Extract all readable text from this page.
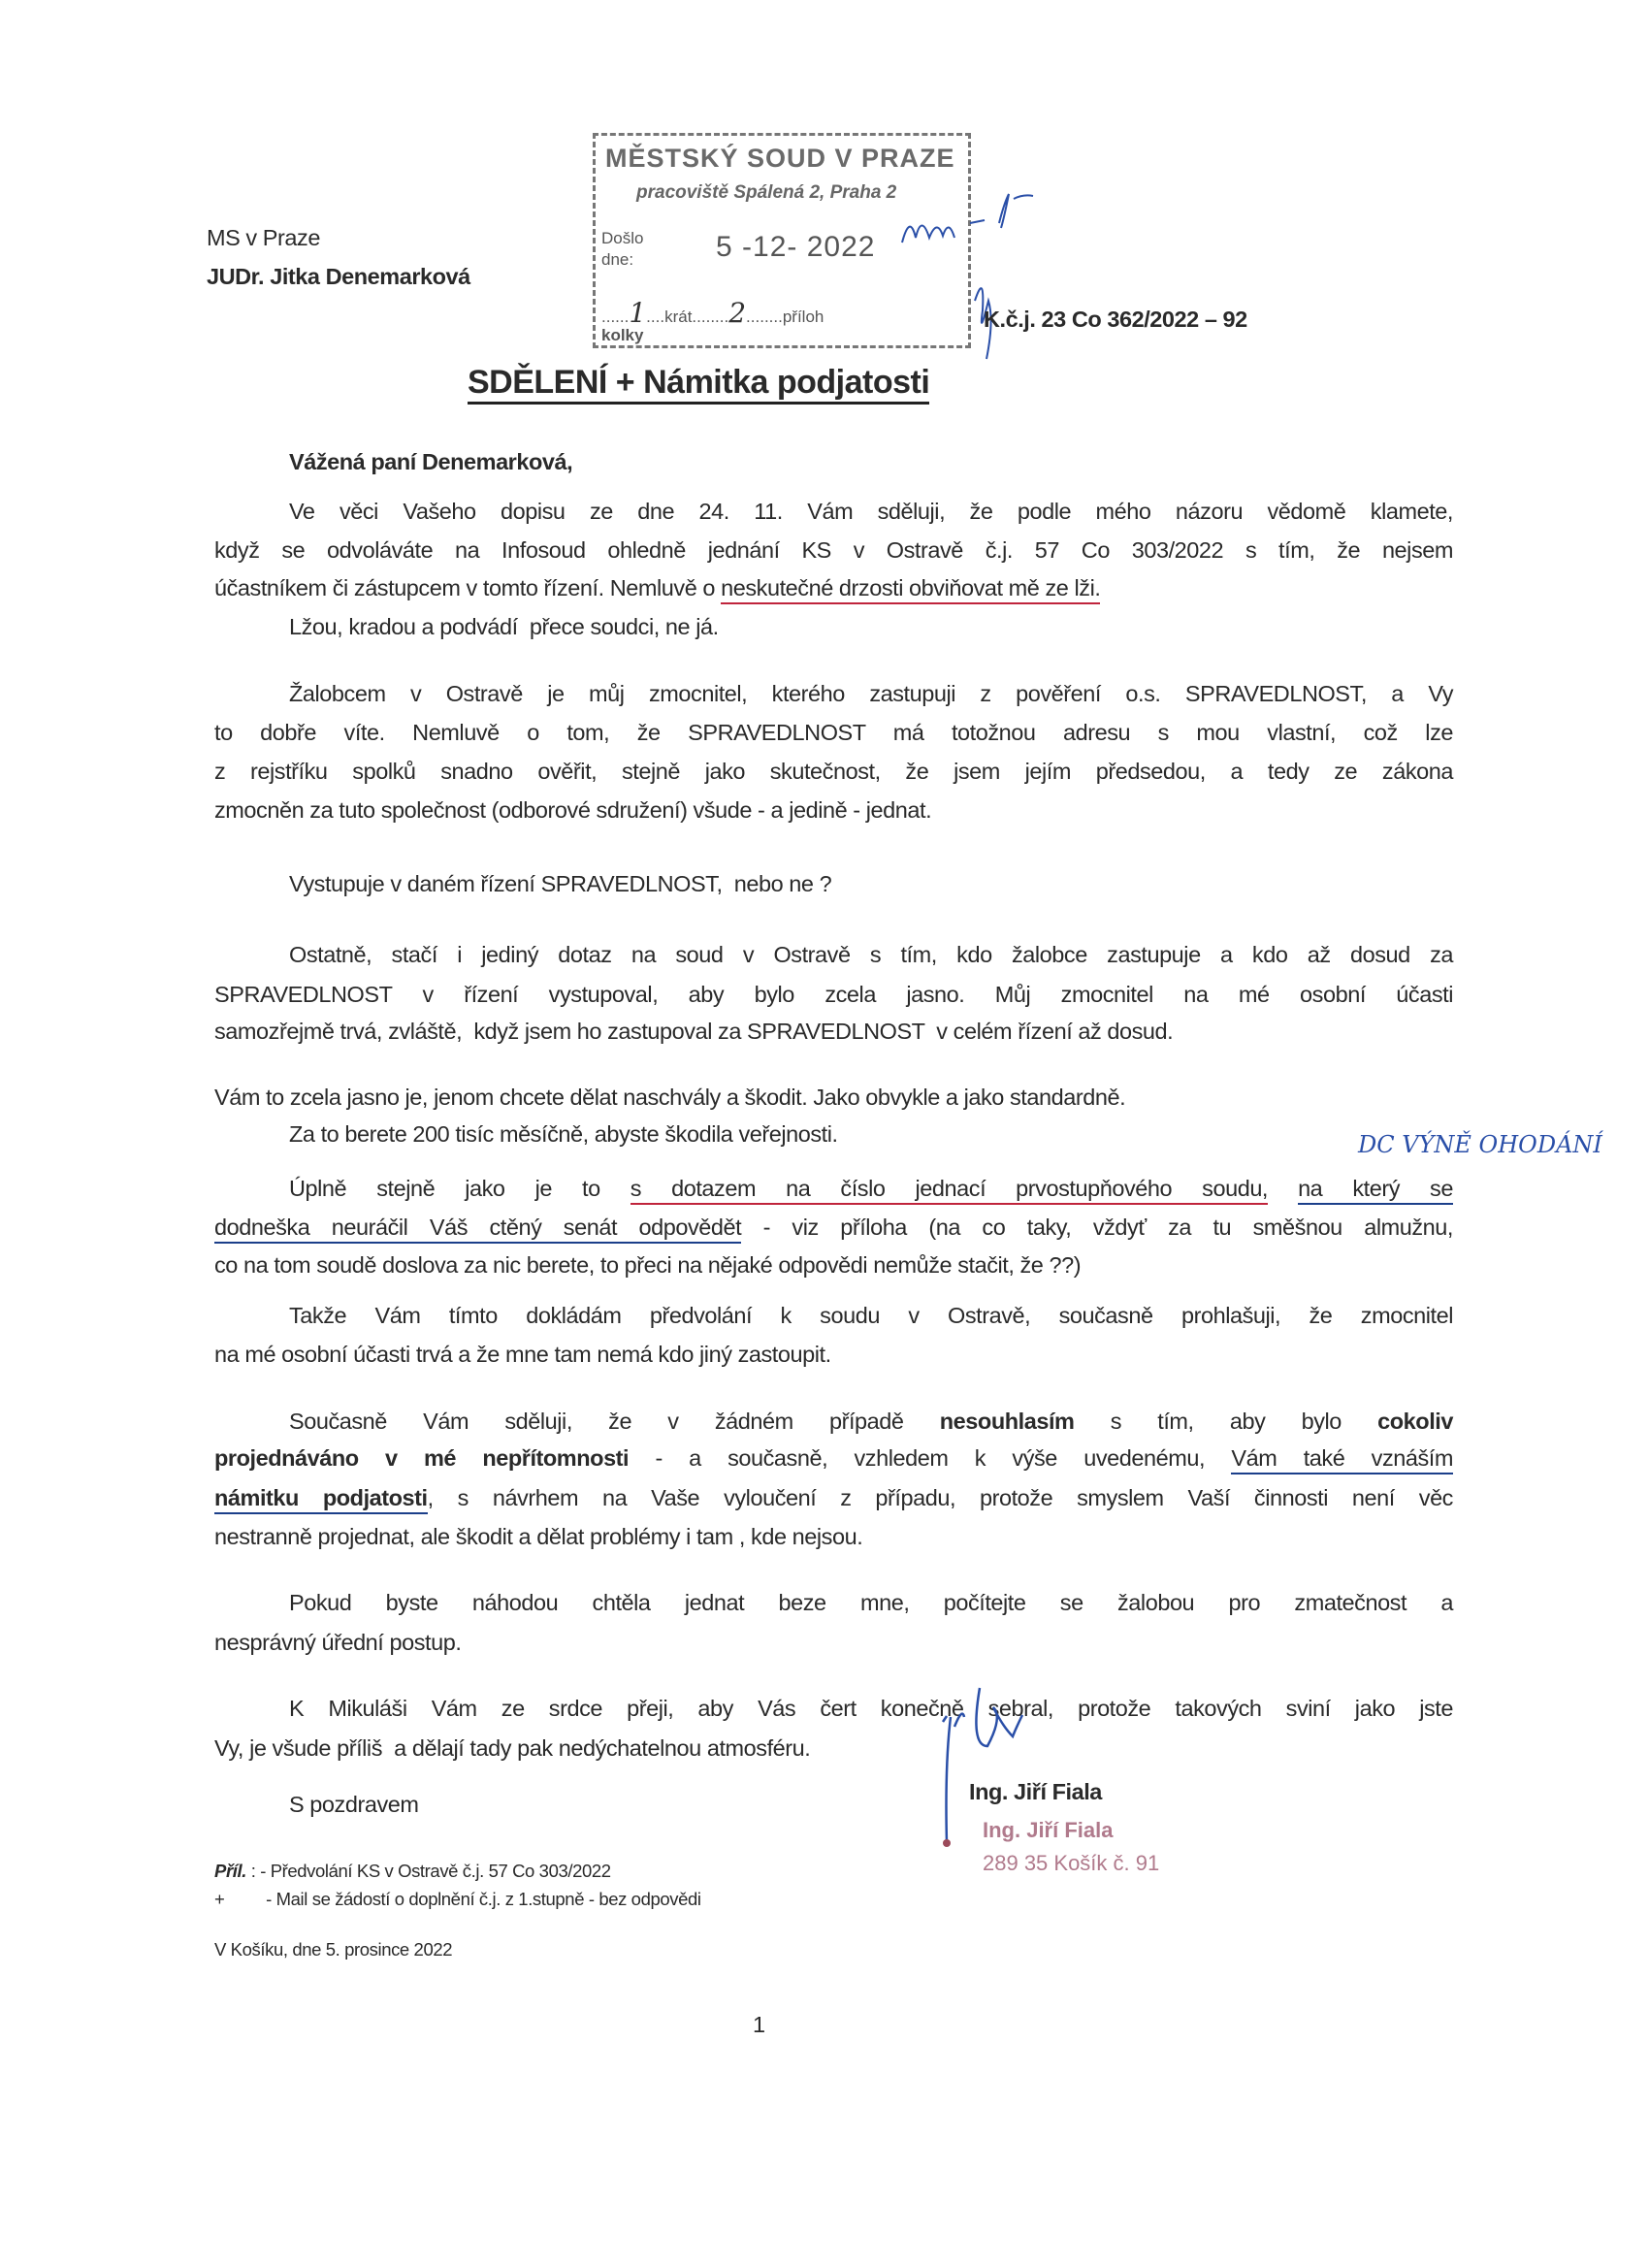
MS v Praze
JUDr. Jitka Denemarková
MĚSTSKÝ SOUD V PRAZE
pracoviště Spálená 2, Praha 2
Došlo
dne:	5 -12- 2022
......1....krát........2........příloh
kolky
K.č.j. 23 Co 362/2022 – 92
SDĚLENÍ + Námitka podjatosti
Vážená paní Denemarková,
Ve věci Vašeho dopisu ze dne 24. 11. Vám sděluji, že podle mého názoru vědomě klamete,
když se odvoláváte na Infosoud ohledně jednání KS v Ostravě č.j. 57 Co 303/2022 s tím, že nejsem
účastníkem či zástupcem v tomto řízení. Nemluvě o neskutečné drzosti obviňovat mě ze lži.
Lžou, kradou a podvádí  přece soudci, ne já.
Žalobcem v Ostravě je můj zmocnitel, kterého zastupuji z pověření o.s. SPRAVEDLNOST, a Vy
to dobře víte. Nemluvě o tom, že SPRAVEDLNOST má totožnou adresu s mou vlastní, což lze
z rejstříku spolků snadno ověřit, stejně jako skutečnost, že jsem jejím předsedou, a tedy ze zákona
zmocněn za tuto společnost (odborové sdružení) všude - a jedině - jednat.
Vystupuje v daném řízení SPRAVEDLNOST,  nebo ne ?
Ostatně, stačí i jediný dotaz na soud v Ostravě s tím, kdo žalobce zastupuje a kdo až dosud za
SPRAVEDLNOST v řízení vystupoval, aby bylo zcela jasno. Můj zmocnitel na mé osobní účasti
samozřejmě trvá, zvláště,  když jsem ho zastupoval za SPRAVEDLNOST  v celém řízení až dosud.
Vám to zcela jasno je, jenom chcete dělat naschvály a škodit. Jako obvykle a jako standardně.
Za to berete 200 tisíc měsíčně, abyste škodila veřejnosti.
Úplně stejně jako je to s dotazem na číslo jednací prvostupňového soudu, na který se
dodneška neuráčil Váš ctěný senát odpovědět - viz příloha (na co taky, vždyť za tu směšnou almužnu,
co na tom soudě doslova za nic berete, to přeci na nějaké odpovědi nemůže stačit, že ??)
Takže Vám tímto dokládám předvolání k soudu v Ostravě, současně prohlašuji, že zmocnitel
na mé osobní účasti trvá a že mne tam nemá kdo jiný zastoupit.
Současně Vám sděluji, že v žádném případě nesouhlasím s tím, aby bylo cokoliv
projednáváno v mé nepřítomnosti - a současně, vzhledem k výše uvedenému, Vám také vznáším
námitku podjatosti, s návrhem na Vaše vyloučení z případu, protože smyslem Vaší činnosti není věc
nestranně projednat, ale škodit a dělat problémy i tam , kde nejsou.
Pokud byste náhodou chtěla jednat beze mne, počítejte se žalobou pro zmatečnost a
nesprávný úřední postup.
K Mikuláši Vám ze srdce přeji, aby Vás čert konečně sebral, protože takových sviní jako jste
Vy, je všude příliš  a dělají tady pak nedýchatelnou atmosféru.
DC VÝNĚ OHODÁNÍ
S pozdravem	Ing. Jiří Fiala
Ing. Jiří Fiala
289 35 Košík č. 91
Příl. : - Předvolání KS v Ostravě č.j. 57 Co 303/2022
+ - Mail se žádostí o doplnění č.j. z 1.stupně - bez odpovědi
V Košíku, dne 5. prosince 2022
1
